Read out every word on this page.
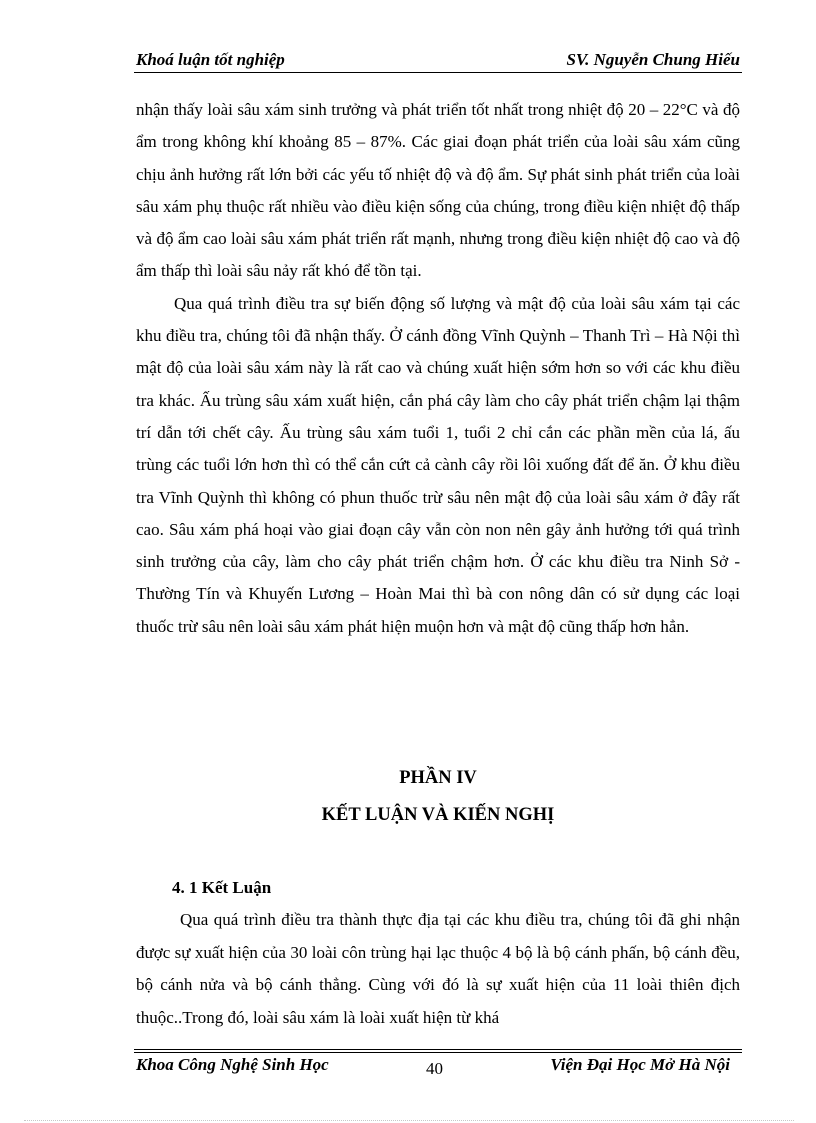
Khoá luận tốt nghiệp	SV. Nguyễn Chung Hiếu

nhận thấy loài sâu xám sinh trưởng và phát triển tốt nhất trong nhiệt độ 20 – 22°C và độ ẩm trong không khí khoảng 85 – 87%. Các giai đoạn phát triển của loài sâu xám cũng chịu ảnh hưởng rất lớn bởi các yếu tố nhiệt độ và độ ẩm. Sự phát sinh phát triển của loài sâu xám phụ thuộc rất nhiều vào điều kiện sống của chúng, trong điều kiện nhiệt độ thấp và độ ẩm cao loài sâu xám phát triển rất mạnh, nhưng trong điều kiện nhiệt độ cao và độ ẩm thấp thì loài sâu nảy rất khó để tồn tại.

Qua quá trình điều tra sự biến động số lượng và mật độ của loài sâu xám tại các khu điều tra, chúng tôi đã nhận thấy. Ở cánh đồng Vĩnh Quỳnh – Thanh Trì – Hà Nội thì mật độ của loài sâu xám này là rất cao và chúng xuất hiện sớm hơn so với các khu điều tra khác. Ấu trùng sâu xám xuất hiện, cắn phá cây làm cho cây phát triển chậm lại thậm trí dẫn tới chết cây. Ấu trùng sâu xám tuổi 1, tuổi 2 chỉ cắn các phần mền của lá, ấu trùng các tuổi lớn hơn thì có thể cắn cứt cả cành cây rồi lôi xuống đất để ăn. Ở khu điều tra Vĩnh Quỳnh thì không có phun thuốc trừ sâu nên mật độ của loài sâu xám ở đây rất cao. Sâu xám phá hoại vào giai đoạn cây vẫn còn non nên gây ảnh hưởng tới quá trình sinh trưởng của cây, làm cho cây phát triển chậm hơn. Ở các khu điều tra Ninh Sở - Thường Tín và Khuyến Lương – Hoàn Mai thì bà con nông dân có sử dụng các loại thuốc trừ sâu nên loài sâu xám phát hiện muộn hơn và mật độ cũng thấp hơn hẳn.

PHẦN IV
KẾT LUẬN VÀ KIẾN NGHỊ
4. 1 Kết Luận

Qua quá trình điều tra thành thực địa tại các khu điều tra, chúng tôi đã ghi nhận được sự xuất hiện của 30 loài côn trùng hại lạc thuộc 4 bộ là bộ cánh phấn, bộ cánh đều, bộ cánh nửa và bộ cánh thẳng. Cùng với đó là sự xuất hiện của 11 loài thiên địch thuộc..Trong đó, loài sâu xám là loài xuất hiện từ khá

Khoa Công Nghệ Sinh Học	40	Viện Đại Học Mở Hà Nội
